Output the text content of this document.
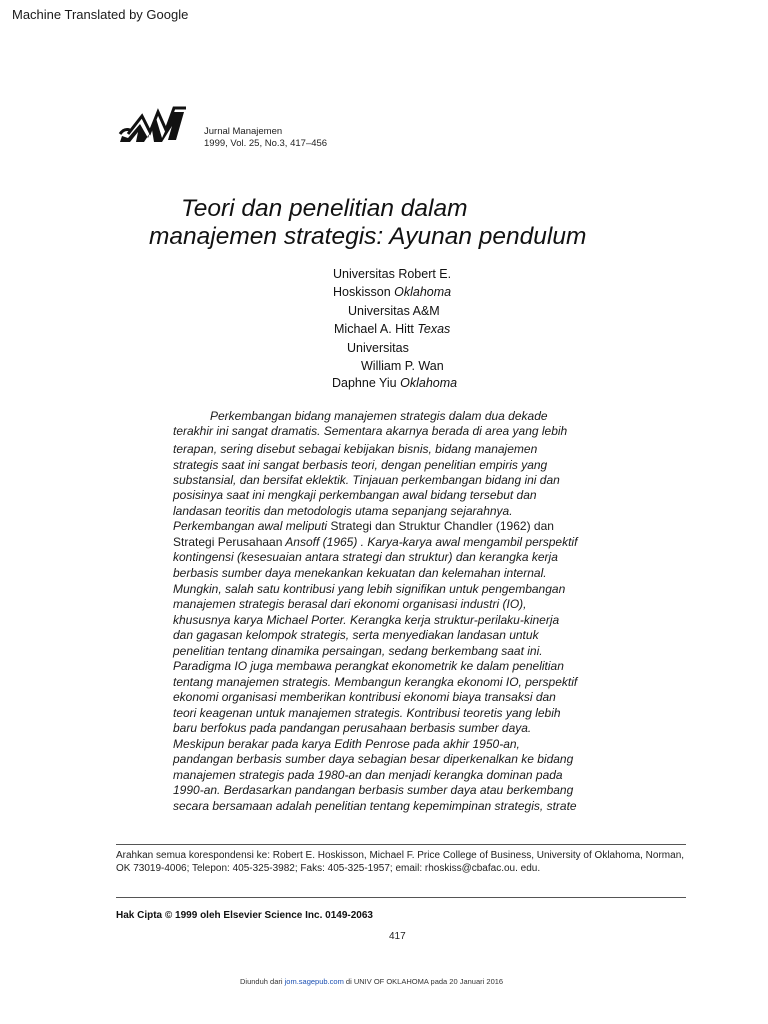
Machine Translated by Google
Jurnal Manajemen
1999, Vol. 25, No.3, 417–456
Teori dan penelitian dalam
manajemen strategis: Ayunan pendulum
Universitas Robert E.
Hoskisson Oklahoma
Universitas A&M
Michael A. Hitt Texas
Universitas
William P. Wan
Daphne Yiu Oklahoma
Perkembangan bidang manajemen strategis dalam dua dekade
terakhir ini sangat dramatis. Sementara akarnya berada di area yang lebih
terapan, sering disebut sebagai kebijakan bisnis, bidang manajemen
strategis saat ini sangat berbasis teori, dengan penelitian empiris yang
substansial, dan bersifat eklektik. Tinjauan perkembangan bidang ini dan
posisinya saat ini mengkaji perkembangan awal bidang tersebut dan
landasan teoritis dan metodologis utama sepanjang sejarahnya.
Perkembangan awal meliputi Strategi dan Struktur Chandler (1962) dan
Strategi Perusahaan Ansoff (1965) . Karya-karya awal mengambil perspektif
kontingensi (kesesuaian antara strategi dan struktur) dan kerangka kerja
berbasis sumber daya menekankan kekuatan dan kelemahan internal.
Mungkin, salah satu kontribusi yang lebih signifikan untuk pengembangan
manajemen strategis berasal dari ekonomi organisasi industri (IO),
khususnya karya Michael Porter. Kerangka kerja struktur-perilaku-kinerja
dan gagasan kelompok strategis, serta menyediakan landasan untuk
penelitian tentang dinamika persaingan, sedang berkembang saat ini.
Paradigma IO juga membawa perangkat ekonometrik ke dalam penelitian
tentang manajemen strategis. Membangun kerangka ekonomi IO, perspektif
ekonomi organisasi memberikan kontribusi ekonomi biaya transaksi dan
teori keagenan untuk manajemen strategis. Kontribusi teoretis yang lebih
baru berfokus pada pandangan perusahaan berbasis sumber daya.
Meskipun berakar pada karya Edith Penrose pada akhir 1950-an,
pandangan berbasis sumber daya sebagian besar diperkenalkan ke bidang
manajemen strategis pada 1980-an dan menjadi kerangka dominan pada
1990-an. Berdasarkan pandangan berbasis sumber daya atau berkembang
secara bersamaan adalah penelitian tentang kepemimpinan strategis, strate
Arahkan semua korespondensi ke: Robert E. Hoskisson, Michael F. Price College of Business, University of Oklahoma, Norman, OK 73019-4006; Telepon: 405-325-3982; Faks: 405-325-1957; email: rhoskiss@cbafac.ou. edu.
Hak Cipta © 1999 oleh Elsevier Science Inc. 0149-2063
417
Diunduh dari jom.sagepub.com di UNIV OF OKLAHOMA pada 20 Januari 2016
